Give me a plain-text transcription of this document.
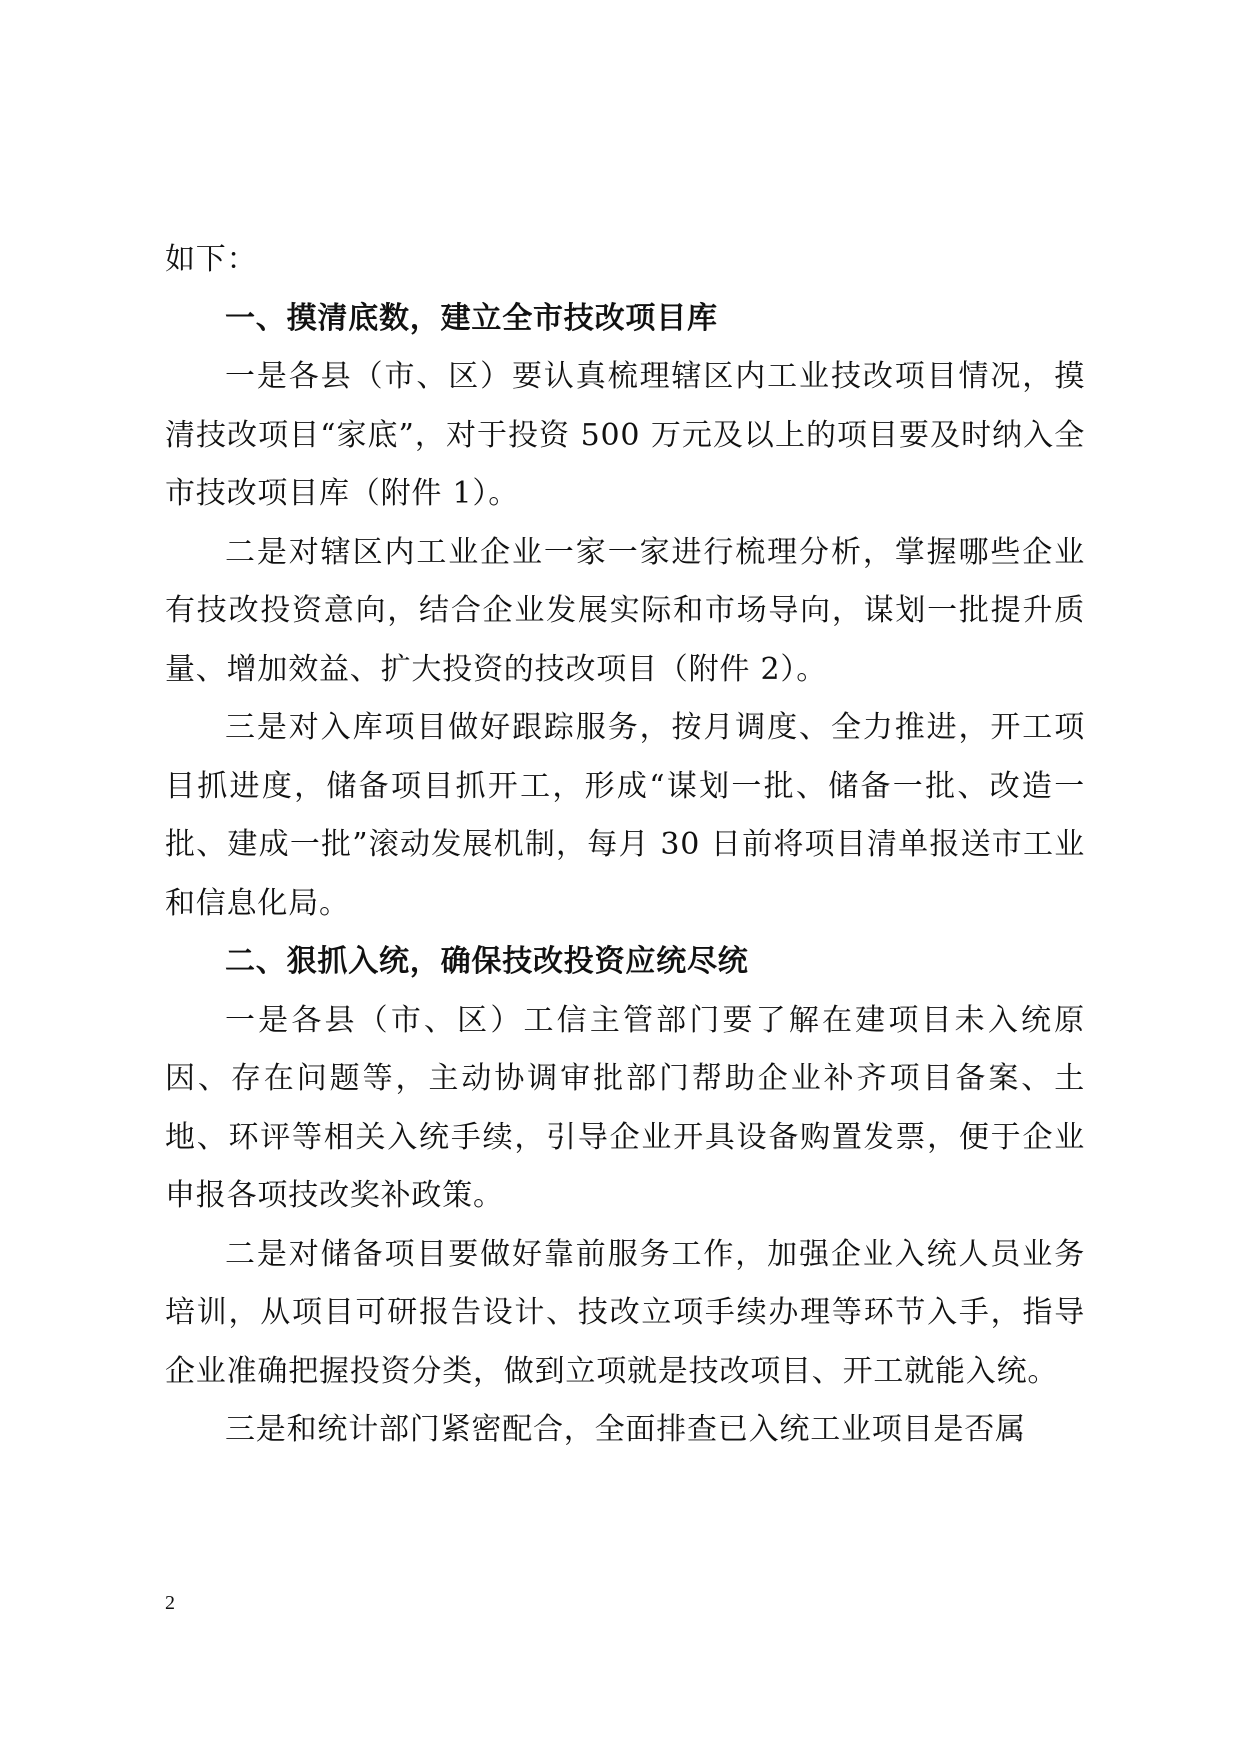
如下：

一、摸清底数，建立全市技改项目库

一是各县（市、区）要认真梳理辖区内工业技改项目情况，摸清技改项目“家底”，对于投资 500 万元及以上的项目要及时纳入全市技改项目库（附件 1）。

二是对辖区内工业企业一家一家进行梳理分析，掌握哪些企业有技改投资意向，结合企业发展实际和市场导向，谋划一批提升质量、增加效益、扩大投资的技改项目（附件 2）。

三是对入库项目做好跟踪服务，按月调度、全力推进，开工项目抓进度，储备项目抓开工，形成“谋划一批、储备一批、改造一批、建成一批”滚动发展机制，每月 30 日前将项目清单报送市工业和信息化局。

二、狠抓入统，确保技改投资应统尽统

一是各县（市、区）工信主管部门要了解在建项目未入统原因、存在问题等，主动协调审批部门帮助企业补齐项目备案、土地、环评等相关入统手续，引导企业开具设备购置发票，便于企业申报各项技改奖补政策。

二是对储备项目要做好靠前服务工作，加强企业入统人员业务培训，从项目可研报告设计、技改立项手续办理等环节入手，指导企业准确把握投资分类，做到立项就是技改项目、开工就能入统。

三是和统计部门紧密配合，全面排查已入统工业项目是否属

2
